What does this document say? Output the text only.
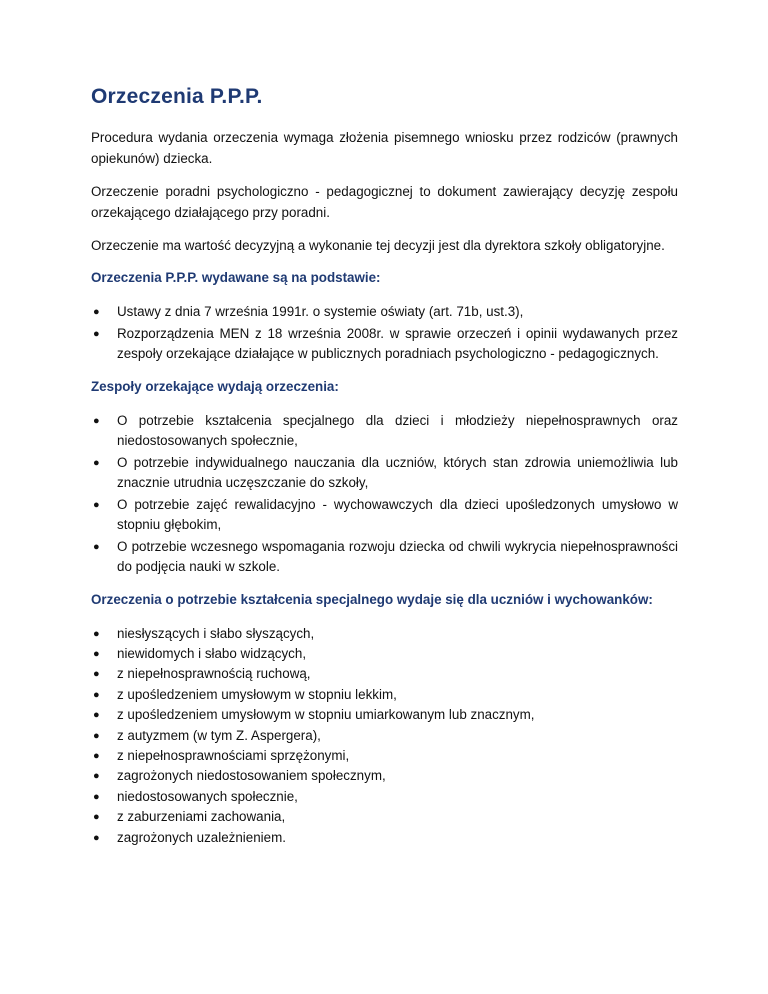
Orzeczenia P.P.P.

Procedura wydania orzeczenia wymaga złożenia pisemnego wniosku przez rodziców (prawnych opiekunów) dziecka.

Orzeczenie poradni psychologiczno - pedagogicznej to dokument zawierający decyzję zespołu orzekającego działającego przy poradni.

Orzeczenie ma wartość decyzyjną a wykonanie tej decyzji jest dla dyrektora szkoły obligatoryjne.

Orzeczenia P.P.P. wydawane są na podstawie:
● Ustawy z dnia 7 września 1991r. o systemie oświaty (art. 71b, ust.3),
● Rozporządzenia MEN z 18 września 2008r. w sprawie orzeczeń i opinii wydawanych przez zespoły orzekające działające w publicznych poradniach psychologiczno - pedagogicznych.
Zespoły orzekające wydają orzeczenia:
● O potrzebie kształcenia specjalnego dla dzieci i młodzieży niepełnosprawnych oraz niedostosowanych społecznie,
● O potrzebie indywidualnego nauczania dla uczniów, których stan zdrowia uniemożliwia lub znacznie utrudnia uczęszczanie do szkoły,
● O potrzebie zajęć rewalidacyjno - wychowawczych dla dzieci upośledzonych umysłowo w stopniu głębokim,
● O potrzebie wczesnego wspomagania rozwoju dziecka od chwili wykrycia niepełnosprawności do podjęcia nauki w szkole.
Orzeczenia o potrzebie kształcenia specjalnego wydaje się dla uczniów i wychowanków:
● niesłyszących i słabo słyszących,
● niewidomych i słabo widzących,
● z niepełnosprawnością ruchową,
● z upośledzeniem umysłowym w stopniu lekkim,
● z upośledzeniem umysłowym w stopniu umiarkowanym lub znacznym,
● z autyzmem (w tym Z. Aspergera),
● z niepełnosprawnościami sprzężonymi,
● zagrożonych niedostosowaniem społecznym,
● niedostosowanych społecznie,
● z zaburzeniami zachowania,
● zagrożonych uzależnieniem.
